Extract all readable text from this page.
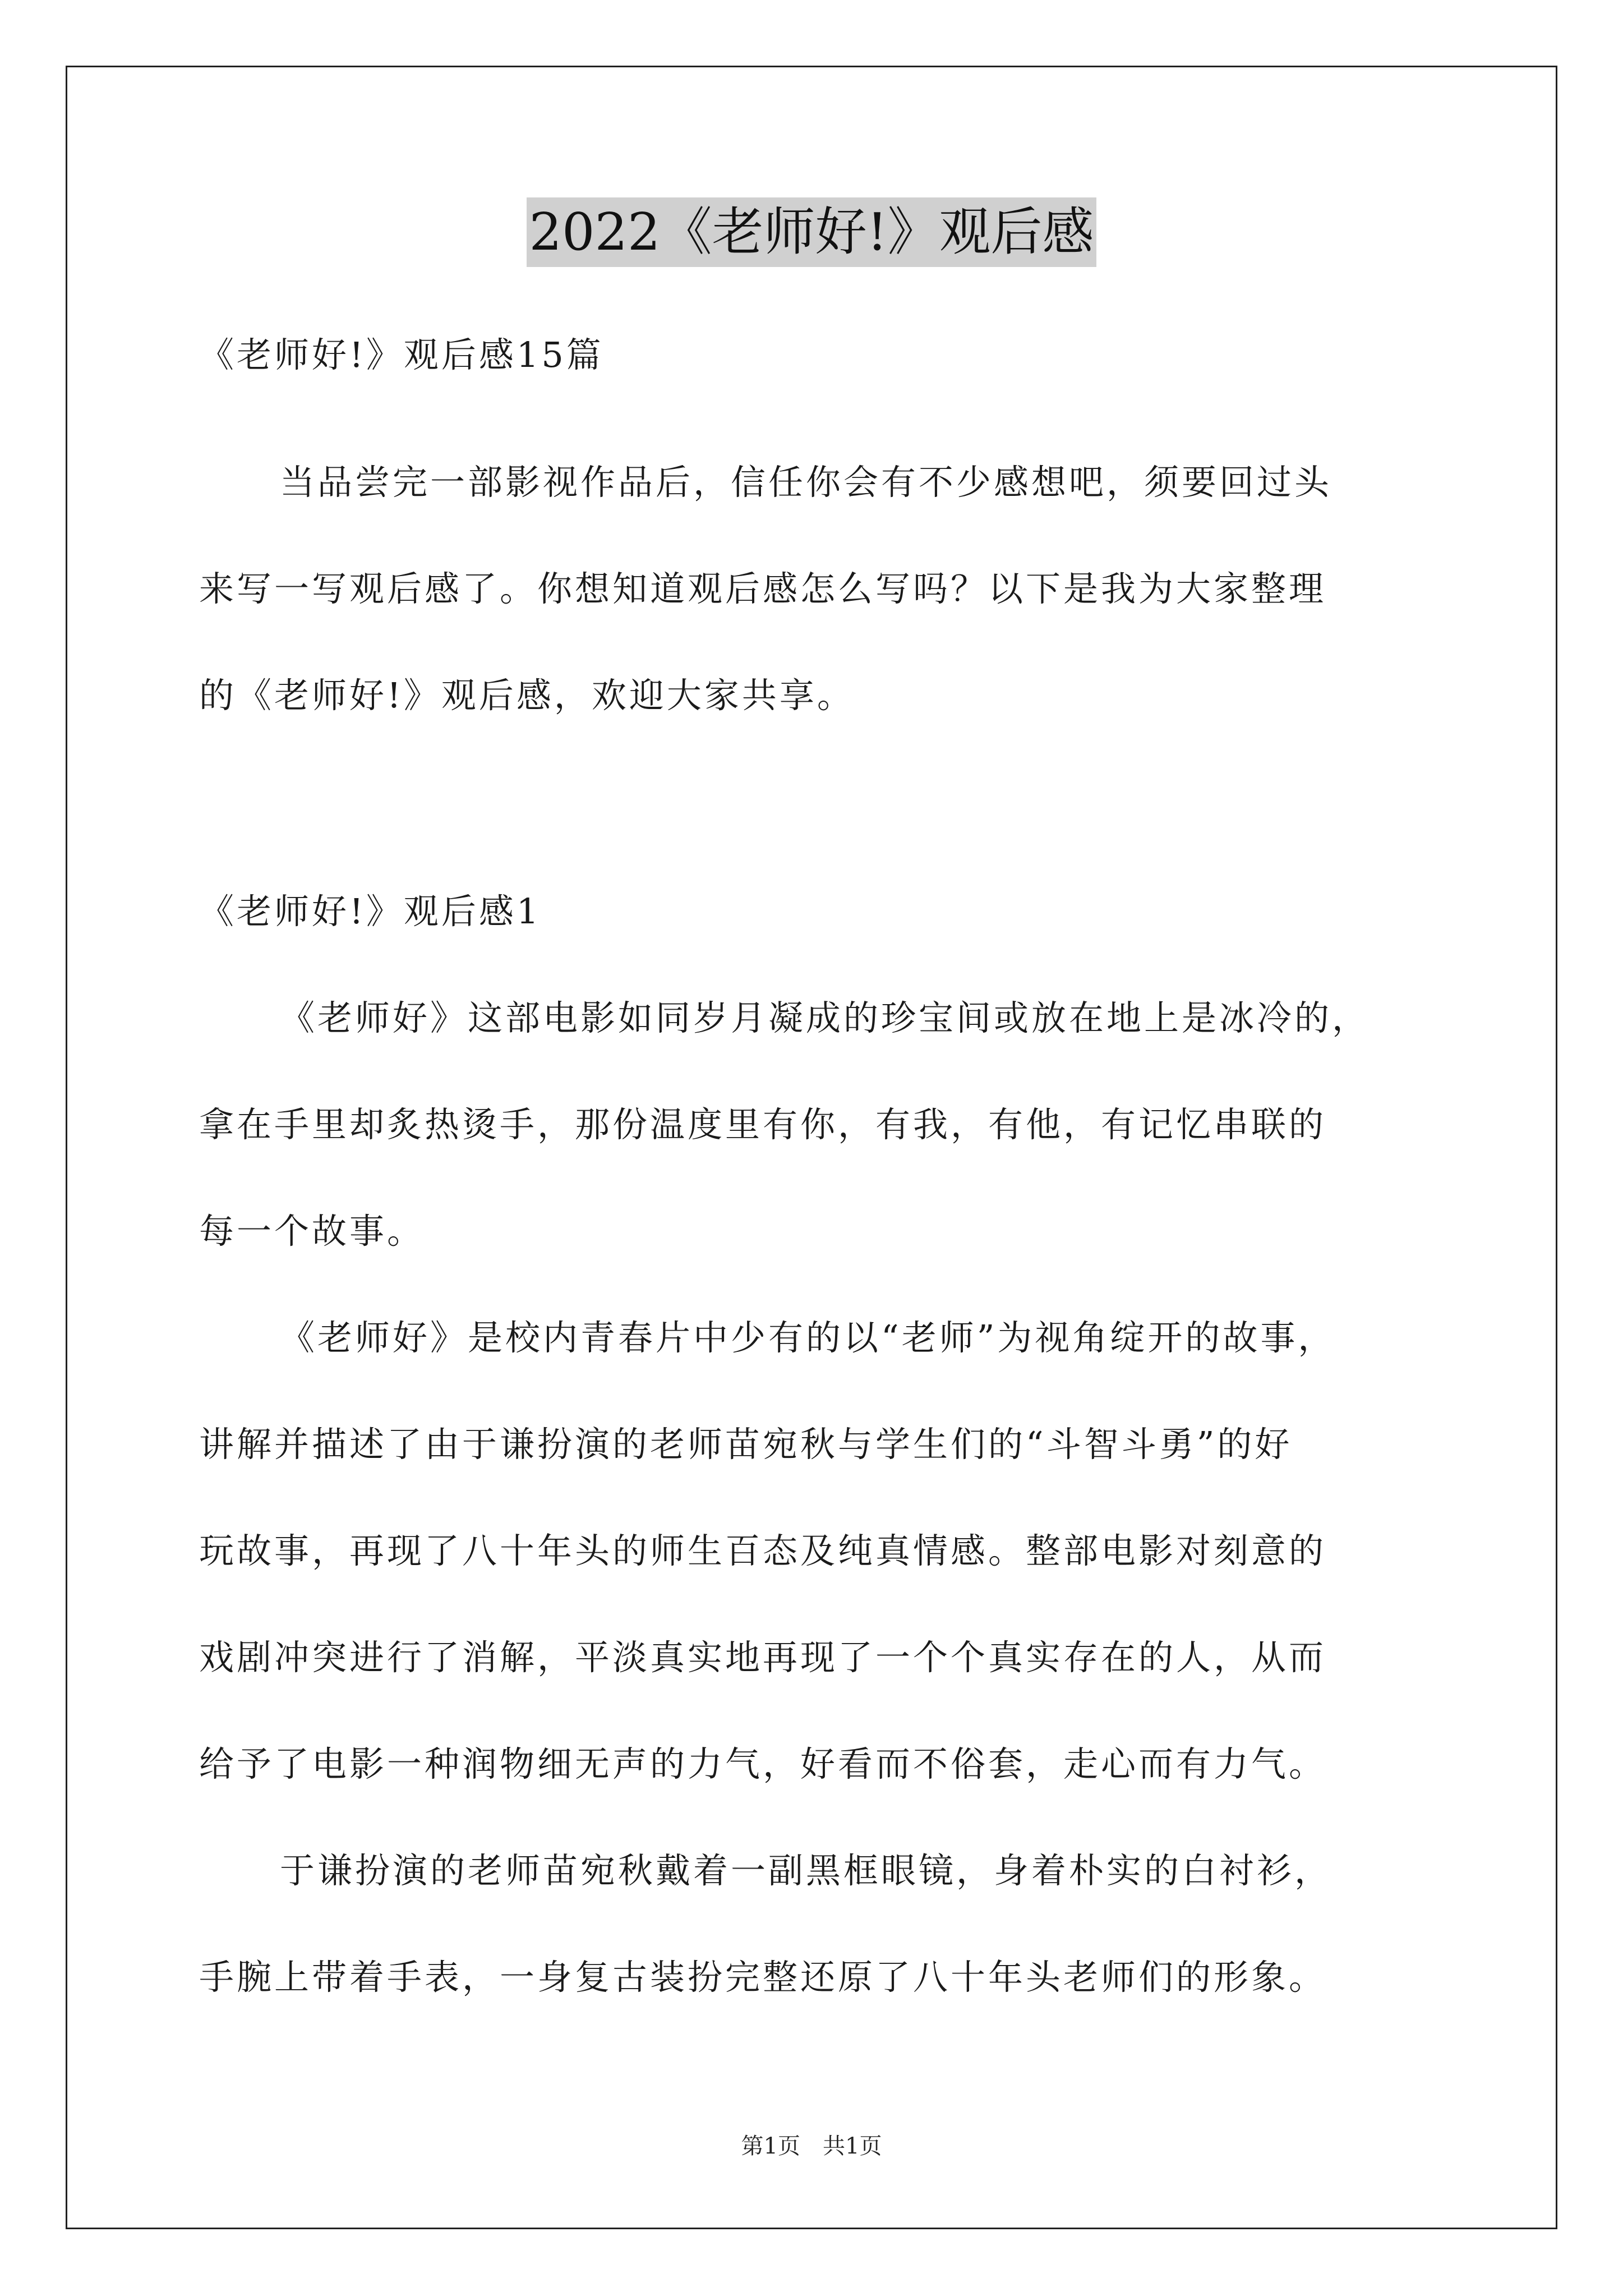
2022《老师好!》观后感
《老师好!》观后感15篇
当品尝完一部影视作品后，信任你会有不少感想吧，须要回过头
来写一写观后感了。你想知道观后感怎么写吗？以下是我为大家整理
的《老师好!》观后感，欢迎大家共享。
《老师好!》观后感1
《老师好》这部电影如同岁月凝成的珍宝间或放在地上是冰冷的，
拿在手里却炙热烫手，那份温度里有你，有我，有他，有记忆串联的
每一个故事。
《老师好》是校内青春片中少有的以“老师”为视角绽开的故事，
讲解并描述了由于谦扮演的老师苗宛秋与学生们的“斗智斗勇”的好
玩故事，再现了八十年头的师生百态及纯真情感。整部电影对刻意的
戏剧冲突进行了消解，平淡真实地再现了一个个真实存在的人，从而
给予了电影一种润物细无声的力气，好看而不俗套，走心而有力气。
于谦扮演的老师苗宛秋戴着一副黑框眼镜，身着朴实的白衬衫，
手腕上带着手表，一身复古装扮完整还原了八十年头老师们的形象。
第1页　共1页
